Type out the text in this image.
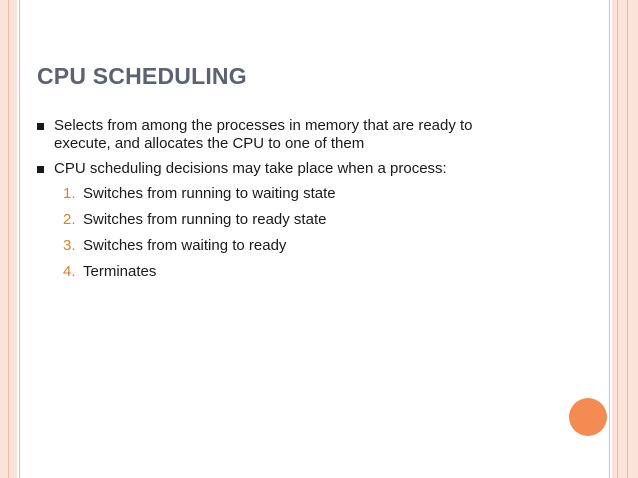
CPU SCHEDULING
Selects from among the processes in memory that are ready to
execute, and allocates the CPU to one of them
CPU scheduling decisions may take place when a process:
1. Switches from running to waiting state
2. Switches from running to ready state
3. Switches from waiting to ready
4. Terminates
